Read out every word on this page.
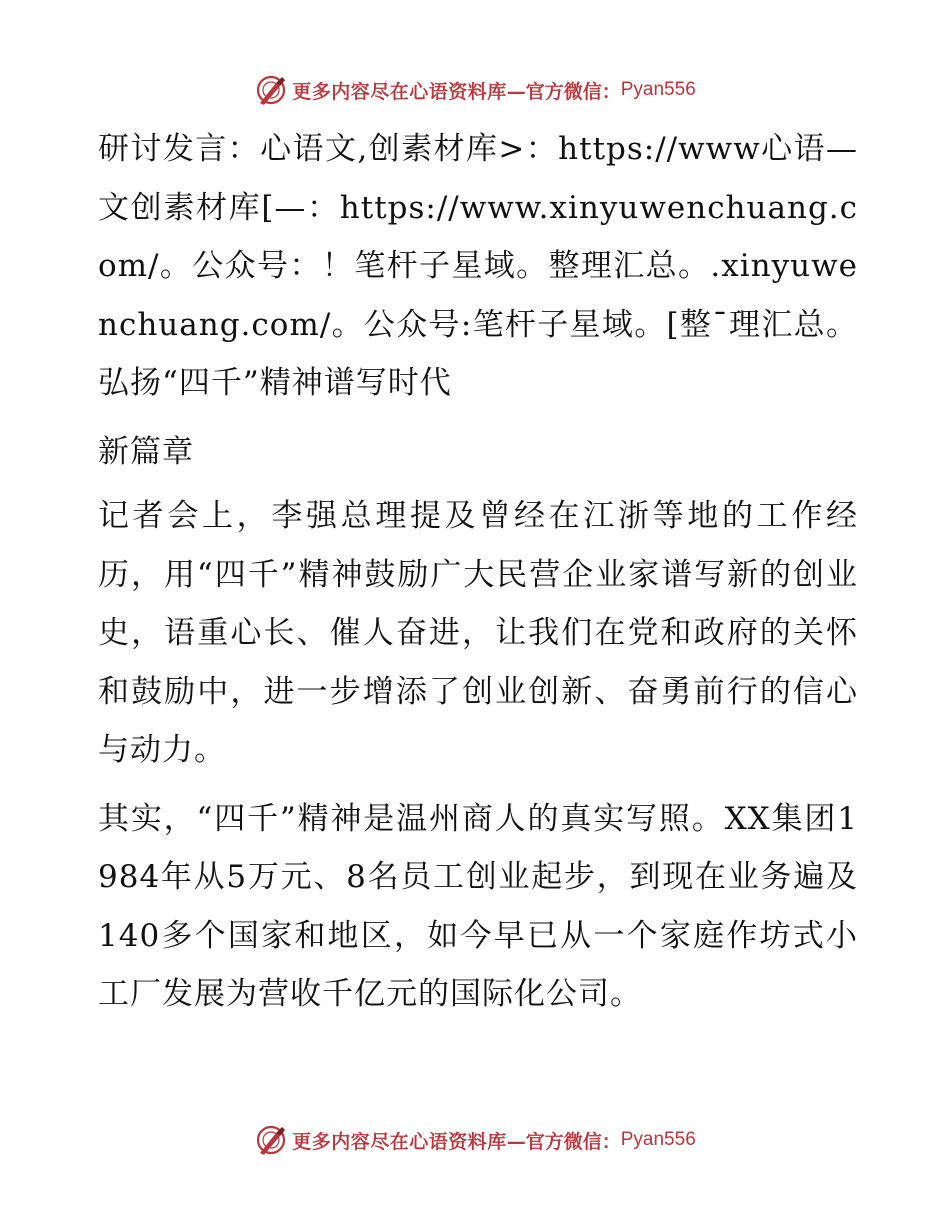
更多内容尽在心语资料库 —官方微信： Pyan556

研讨发言：心语文,创素材库>：https://www心语—文创素材库[—：https://www.xinyuwenchuang.com/。公众号：！笔杆子星域。整理汇总。.xinyuwenchuang.com/。公众号:笔杆子星域。[整¯理汇总。弘扬“四千”精神谱写时代

新篇章

记者会上，李强总理提及曾经在江浙等地的工作经历，用“四千”精神鼓励广大民营企业家谱写新的创业史，语重心长、催人奋进，让我们在党和政府的关怀和鼓励中，进一步增添了创业创新、奋勇前行的信心与动力。

其实，“四千”精神是温州商人的真实写照。XX集团1984年从5万元、8名员工创业起步，到现在业务遍及140多个国家和地区，如今早已从一个家庭作坊式小工厂发展为营收千亿元的国际化公司。

更多内容尽在心语资料库 —官方微信： Pyan556
